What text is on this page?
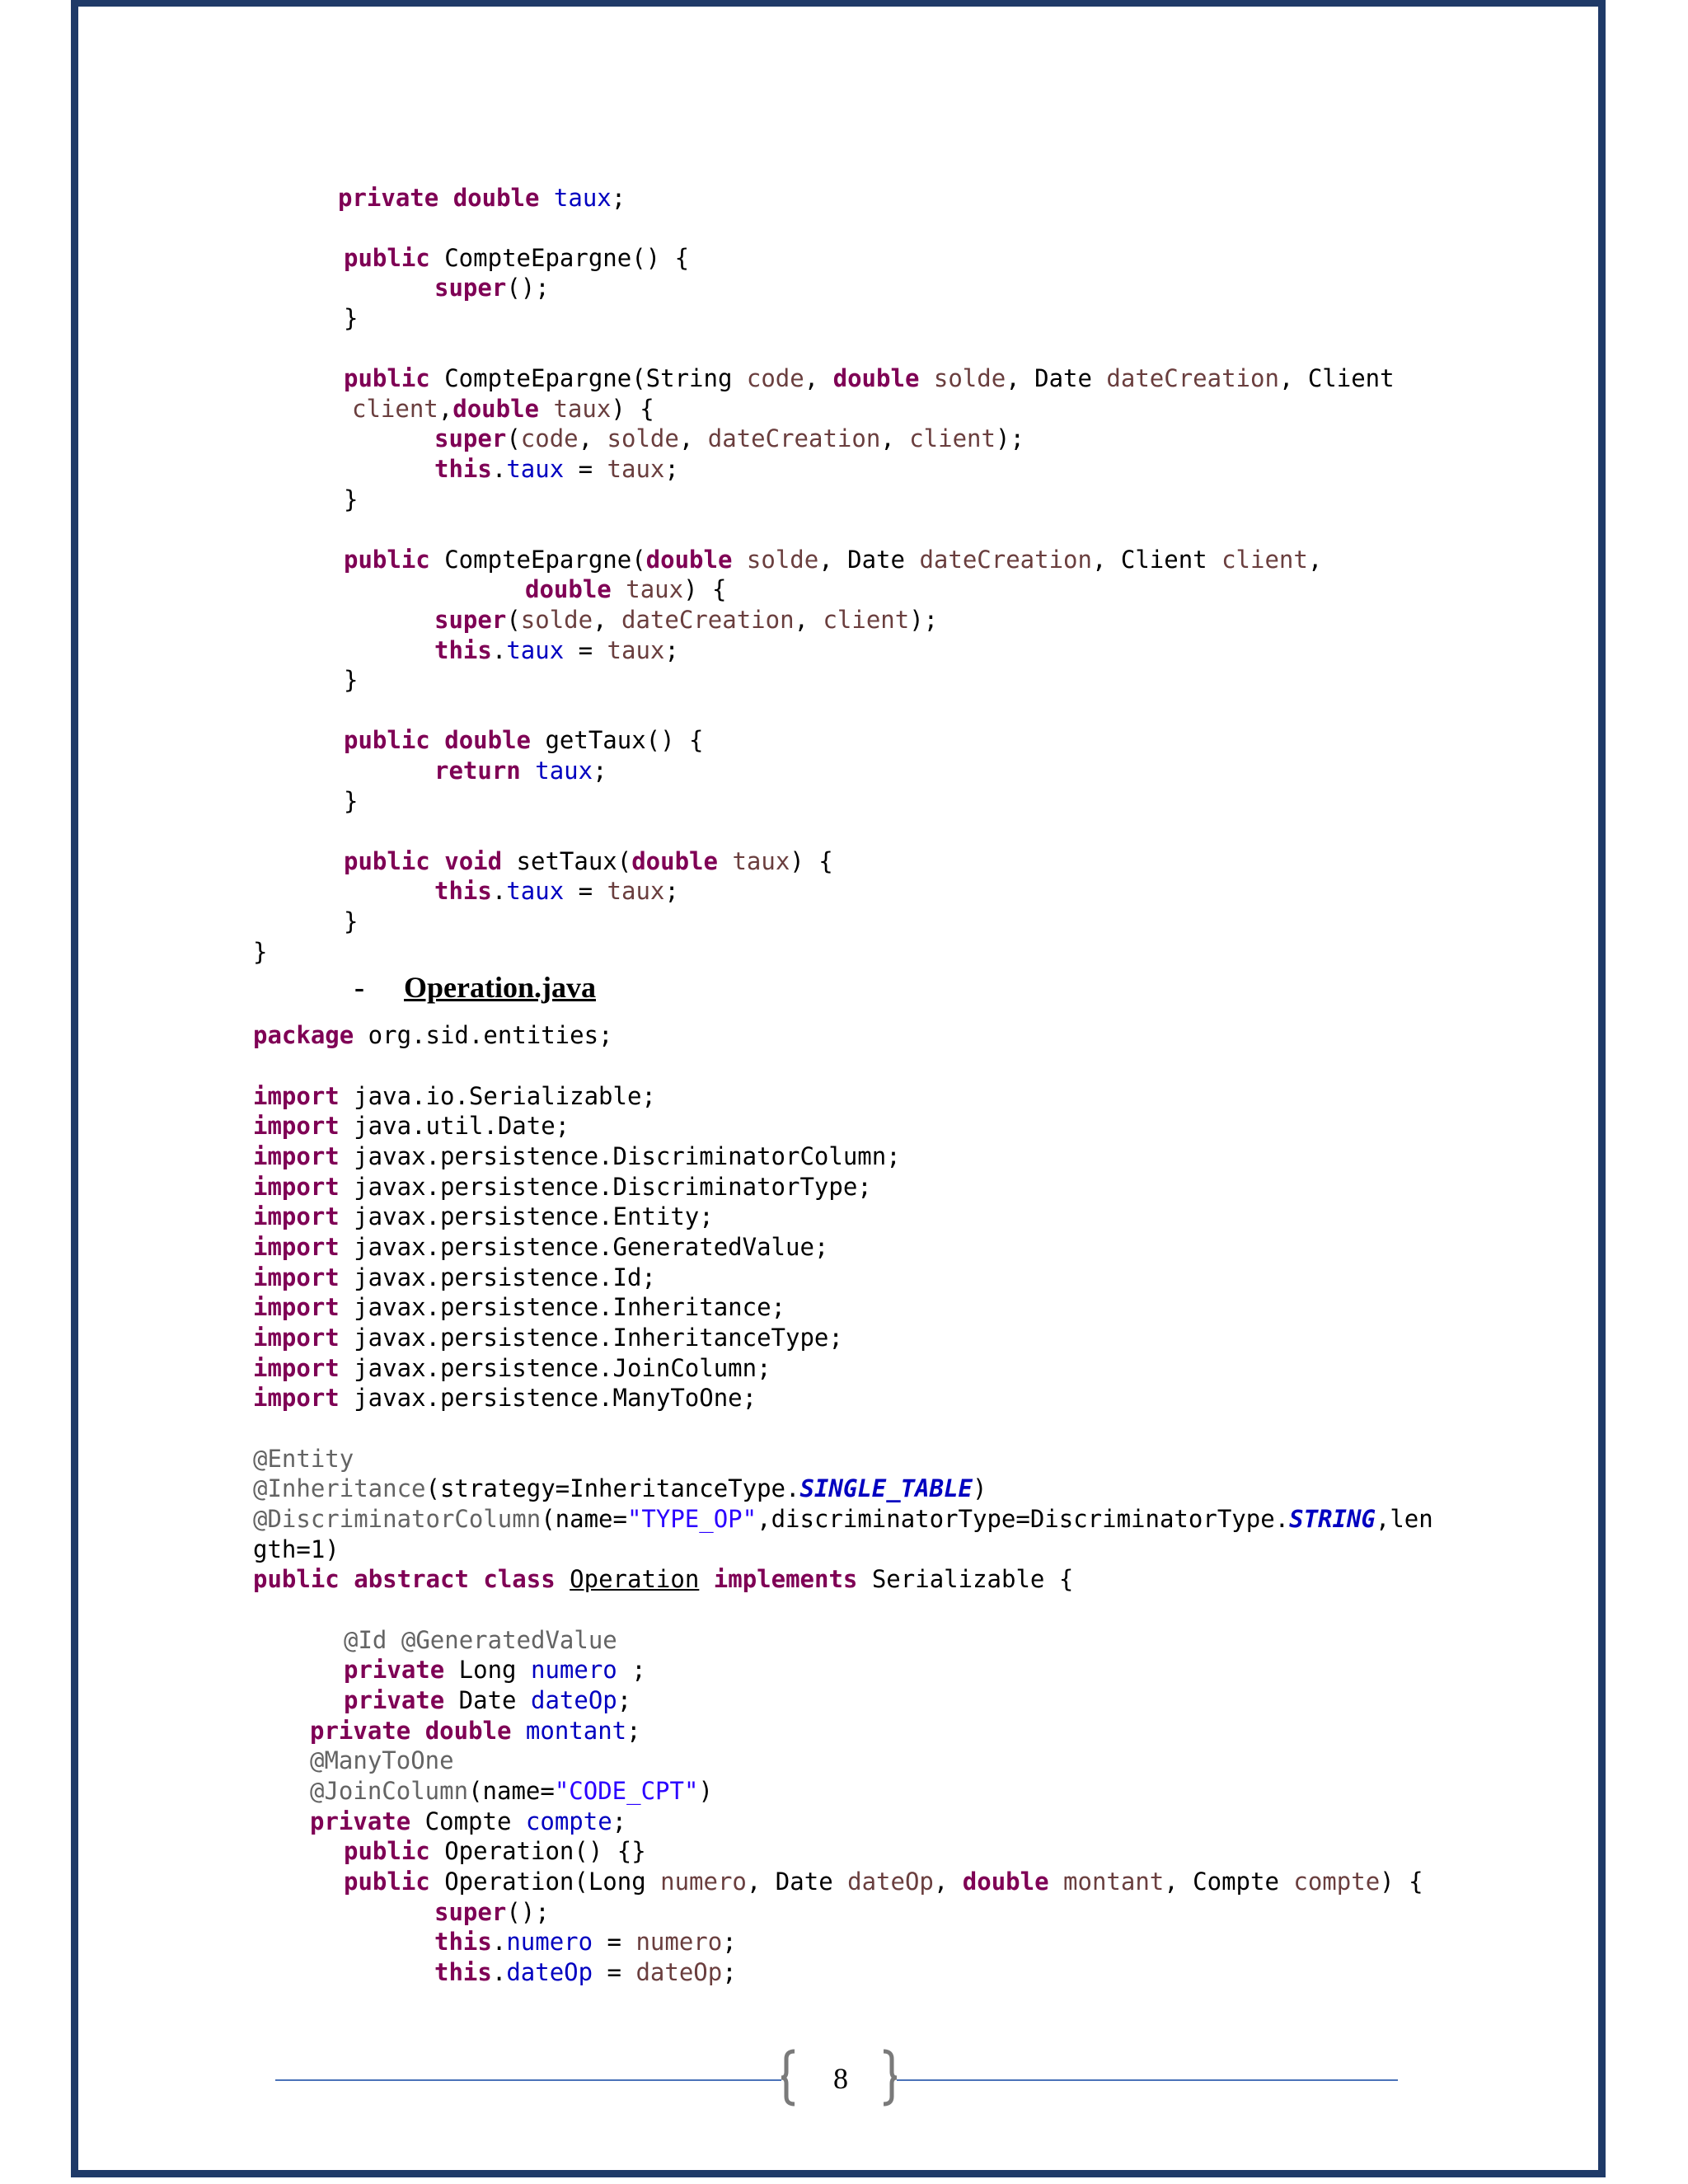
private double taux;
public CompteEpargne() {
super();
}
public CompteEpargne(String code, double solde, Date dateCreation, Client
client,double taux) {
super(code, solde, dateCreation, client);
this.taux = taux;
}
public CompteEpargne(double solde, Date dateCreation, Client client,
double taux) {
super(solde, dateCreation, client);
this.taux = taux;
}
public double getTaux() {
return taux;
}
public void setTaux(double taux) {
this.taux = taux;
}
}
- Operation.java
package org.sid.entities;
import java.io.Serializable;
import java.util.Date;
import javax.persistence.DiscriminatorColumn;
import javax.persistence.DiscriminatorType;
import javax.persistence.Entity;
import javax.persistence.GeneratedValue;
import javax.persistence.Id;
import javax.persistence.Inheritance;
import javax.persistence.InheritanceType;
import javax.persistence.JoinColumn;
import javax.persistence.ManyToOne;
@Entity
@Inheritance(strategy=InheritanceType.SINGLE_TABLE)
@DiscriminatorColumn(name="TYPE_OP",discriminatorType=DiscriminatorType.STRING,len
gth=1)
public abstract class Operation implements Serializable {
@Id @GeneratedValue
private Long numero ;
private Date dateOp;
private double montant;
@ManyToOne
@JoinColumn(name="CODE_CPT")
private Compte compte;
public Operation() {}
public Operation(Long numero, Date dateOp, double montant, Compte compte) {
super();
this.numero = numero;
this.dateOp = dateOp;
8
